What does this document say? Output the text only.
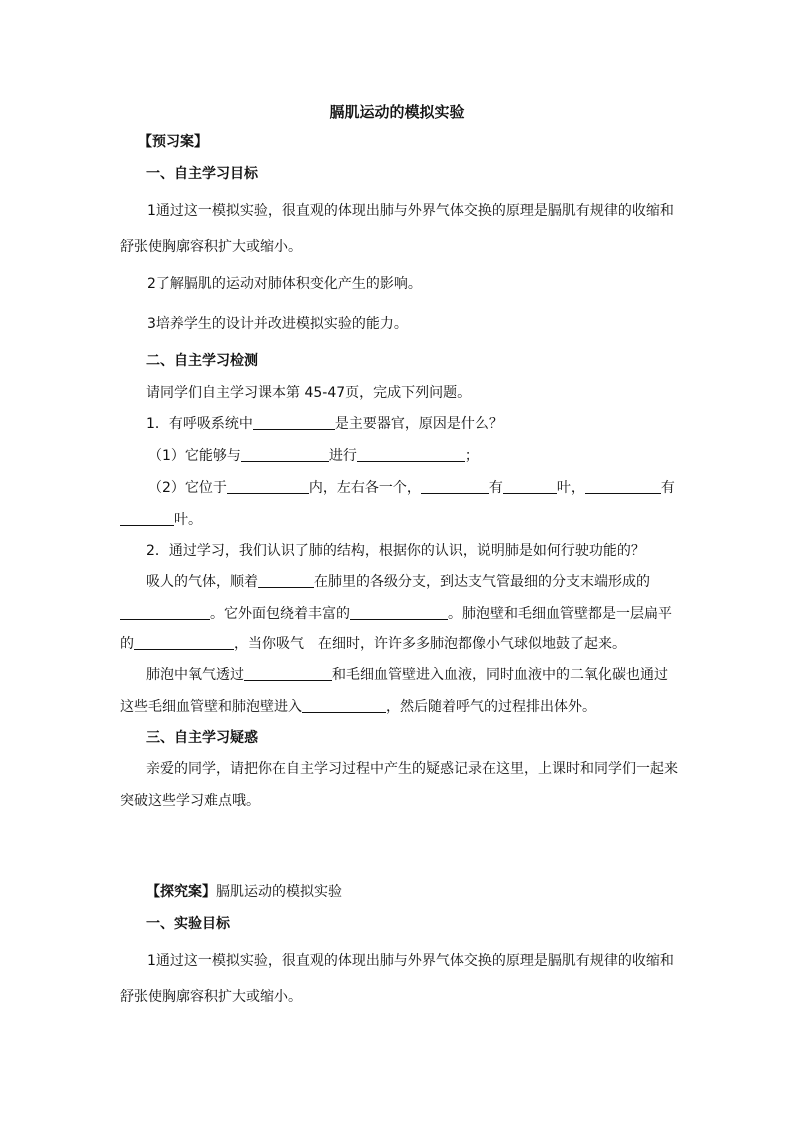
膈肌运动的模拟实验
【预习案】
一、自主学习目标
1通过这一模拟实验，很直观的体现出肺与外界气体交换的原理是膈肌有规律的收缩和
舒张使胸廓容积扩大或缩小。
2了解膈肌的运动对肺体积变化产生的影响。
3培养学生的设计并改进模拟实验的能力。
二、自主学习检测
请同学们自主学习课本第 45-47页，完成下列问题。
1．有呼吸系统中	是主要器官，原因是什么？
（1）它能够与	进行	；
（2）它位于	内，左右各一个，	有	叶，	有
叶。
2．通过学习，我们认识了肺的结构，根据你的认识，说明肺是如何行驶功能的？
吸人的气体，顺着	在肺里的各级分支，到达支气管最细的分支末端形成的
。它外面包绕着丰富的	。肺泡壁和毛细血管壁都是一层扁平
的	，当你吸气 在细时，许许多多肺泡都像小气球似地鼓了起来。
肺泡中氧气透过	和毛细血管壁进入血液，同时血液中的二氧化碳也通过
这些毛细血管壁和肺泡壁进入	，然后随着呼气的过程排出体外。
三、自主学习疑惑
亲爱的同学，请把你在自主学习过程中产生的疑惑记录在这里，上课时和同学们一起来
突破这些学习难点哦。
【探究案】膈肌运动的模拟实验
一、实验目标
1通过这一模拟实验，很直观的体现出肺与外界气体交换的原理是膈肌有规律的收缩和
舒张使胸廓容积扩大或缩小。
